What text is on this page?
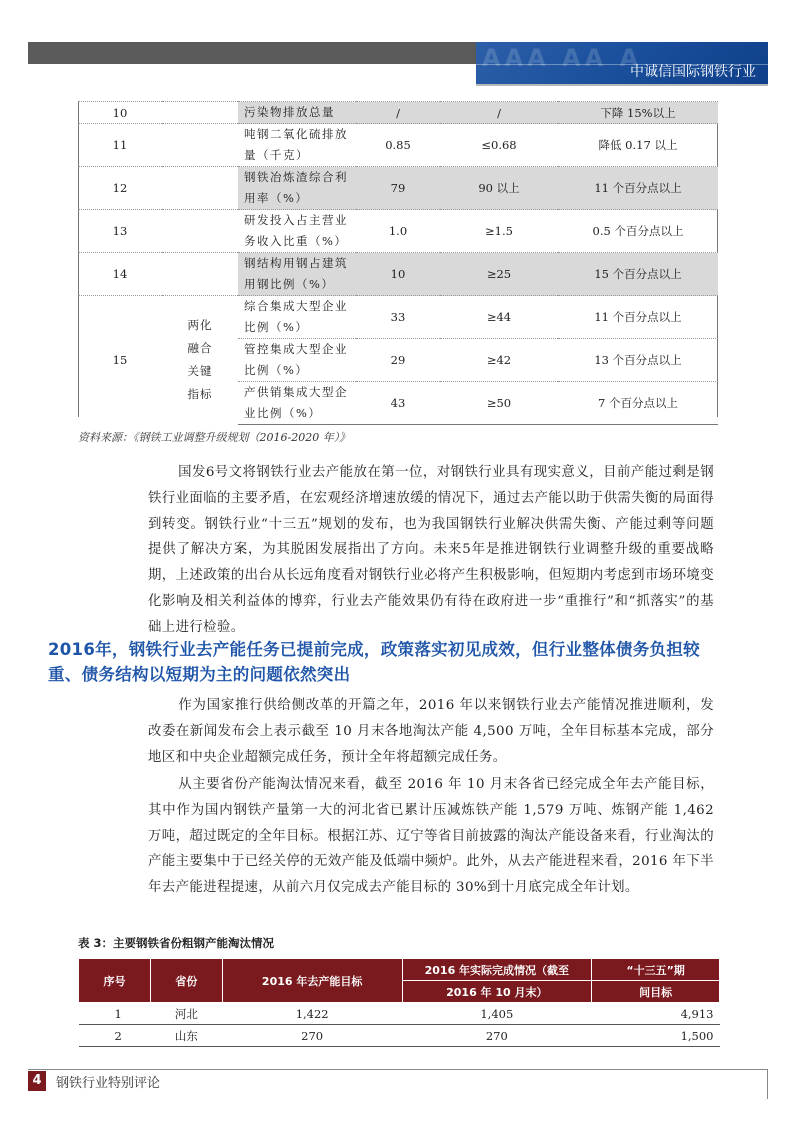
AAA AA A
中诚信国际钢铁行业
10		污染物排放总量	/	/	下降 15%以上
11		吨钢二氧化硫排放量（千克）	0.85	≤0.68	降低 0.17 以上
12		钢铁冶炼渣综合利用率（%）	79	90 以上	11 个百分点以上
13		研发投入占主营业务收入比重（%）	1.0	≥1.5	0.5 个百分点以上
14		钢结构用钢占建筑用钢比例（%）	10	≥25	15 个百分点以上
15	两化融合关键指标	综合集成大型企业比例（%）	33	≥44	11 个百分点以上
		管控集成大型企业比例（%）	29	≥42	13 个百分点以上
		产供销集成大型企业比例（%）	43	≥50	7 个百分点以上
资料来源：《钢铁工业调整升级规划（2016-2020 年）》
国发6号文将钢铁行业去产能放在第一位，对钢铁行业具有现实意义，目前产能过剩是钢铁行业面临的主要矛盾，在宏观经济增速放缓的情况下，通过去产能以助于供需失衡的局面得到转变。钢铁行业“十三五”规划的发布，也为我国钢铁行业解决供需失衡、产能过剩等问题提供了解决方案，为其脱困发展指出了方向。未来5年是推进钢铁行业调整升级的重要战略期，上述政策的出台从长远角度看对钢铁行业必将产生积极影响，但短期内考虑到市场环境变化影响及相关利益体的博弈，行业去产能效果仍有待在政府进一步“重推行”和“抓落实”的基础上进行检验。
2016年，钢铁行业去产能任务已提前完成，政策落实初见成效，但行业整体债务负担较重、债务结构以短期为主的问题依然突出
作为国家推行供给侧改革的开篇之年，2016 年以来钢铁行业去产能情况推进顺利，发改委在新闻发布会上表示截至 10 月末各地淘汰产能 4,500 万吨，全年目标基本完成，部分地区和中央企业超额完成任务，预计全年将超额完成任务。
从主要省份产能淘汰情况来看，截至 2016 年 10 月末各省已经完成全年去产能目标，其中作为国内钢铁产量第一大的河北省已累计压减炼铁产能 1,579 万吨、炼钢产能 1,462 万吨，超过既定的全年目标。根据江苏、辽宁等省目前披露的淘汰产能设备来看，行业淘汰的产能主要集中于已经关停的无效产能及低端中频炉。此外，从去产能进程来看，2016 年下半年去产能进程提速，从前六月仅完成去产能目标的 30%到十月底完成全年计划。
表 3：主要钢铁省份粗钢产能淘汰情况
序号	省份	2016 年去产能目标	2016 年实际完成情况（截至	“十三五”期
			2016 年 10 月末）	间目标
1	河北	1,422	1,405	4,913
2	山东	270	270	1,500
4	钢铁行业特别评论
